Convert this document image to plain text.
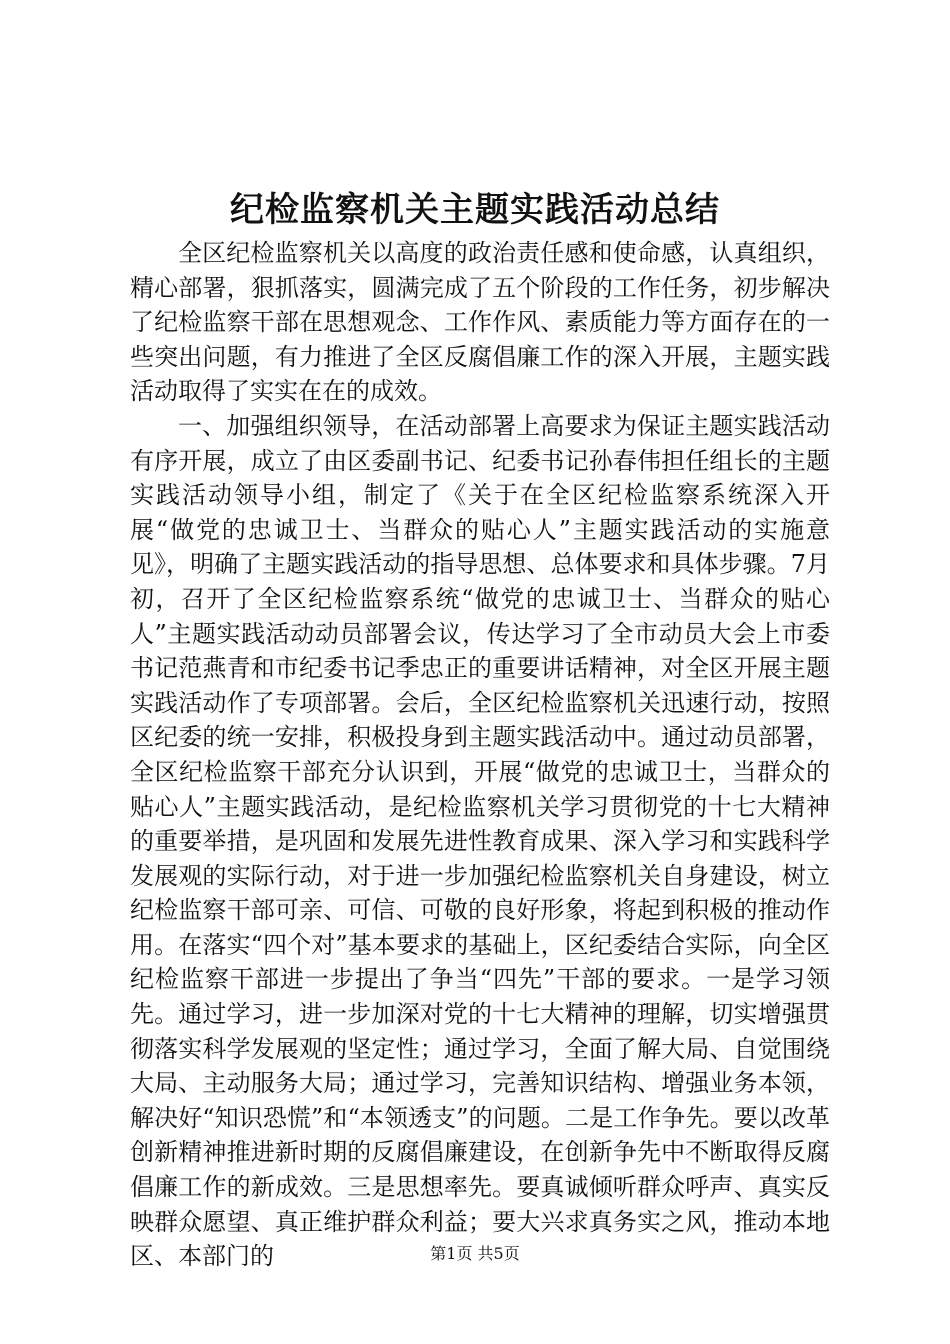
纪检监察机关主题实践活动总结

全区纪检监察机关以高度的政治责任感和使命感，认真组织，精心部署，狠抓落实，圆满完成了五个阶段的工作任务，初步解决了纪检监察干部在思想观念、工作作风、素质能力等方面存在的一些突出问题，有力推进了全区反腐倡廉工作的深入开展，主题实践活动取得了实实在在的成效。

一、加强组织领导，在活动部署上高要求为保证主题实践活动有序开展，成立了由区委副书记、纪委书记孙春伟担任组长的主题实践活动领导小组，制定了《关于在全区纪检监察系统深入开展“做党的忠诚卫士、当群众的贴心人”主题实践活动的实施意见》，明确了主题实践活动的指导思想、总体要求和具体步骤。7月初，召开了全区纪检监察系统“做党的忠诚卫士、当群众的贴心人”主题实践活动动员部署会议，传达学习了全市动员大会上市委书记范燕青和市纪委书记季忠正的重要讲话精神，对全区开展主题实践活动作了专项部署。会后，全区纪检监察机关迅速行动，按照区纪委的统一安排，积极投身到主题实践活动中。通过动员部署，全区纪检监察干部充分认识到，开展“做党的忠诚卫士，当群众的贴心人”主题实践活动，是纪检监察机关学习贯彻党的十七大精神的重要举措，是巩固和发展先进性教育成果、深入学习和实践科学发展观的实际行动，对于进一步加强纪检监察机关自身建设，树立纪检监察干部可亲、可信、可敬的良好形象，将起到积极的推动作用。在落实“四个对”基本要求的基础上，区纪委结合实际，向全区纪检监察干部进一步提出了争当“四先”干部的要求。一是学习领先。通过学习，进一步加深对党的十七大精神的理解，切实增强贯彻落实科学发展观的坚定性；通过学习，全面了解大局、自觉围绕大局、主动服务大局；通过学习，完善知识结构、增强业务本领，解决好“知识恐慌”和“本领透支”的问题。二是工作争先。要以改革创新精神推进新时期的反腐倡廉建设，在创新争先中不断取得反腐倡廉工作的新成效。三是思想率先。要真诚倾听群众呼声、真实反映群众愿望、真正维护群众利益；要大兴求真务实之风，推动本地区、本部门的	第1页 共5页
